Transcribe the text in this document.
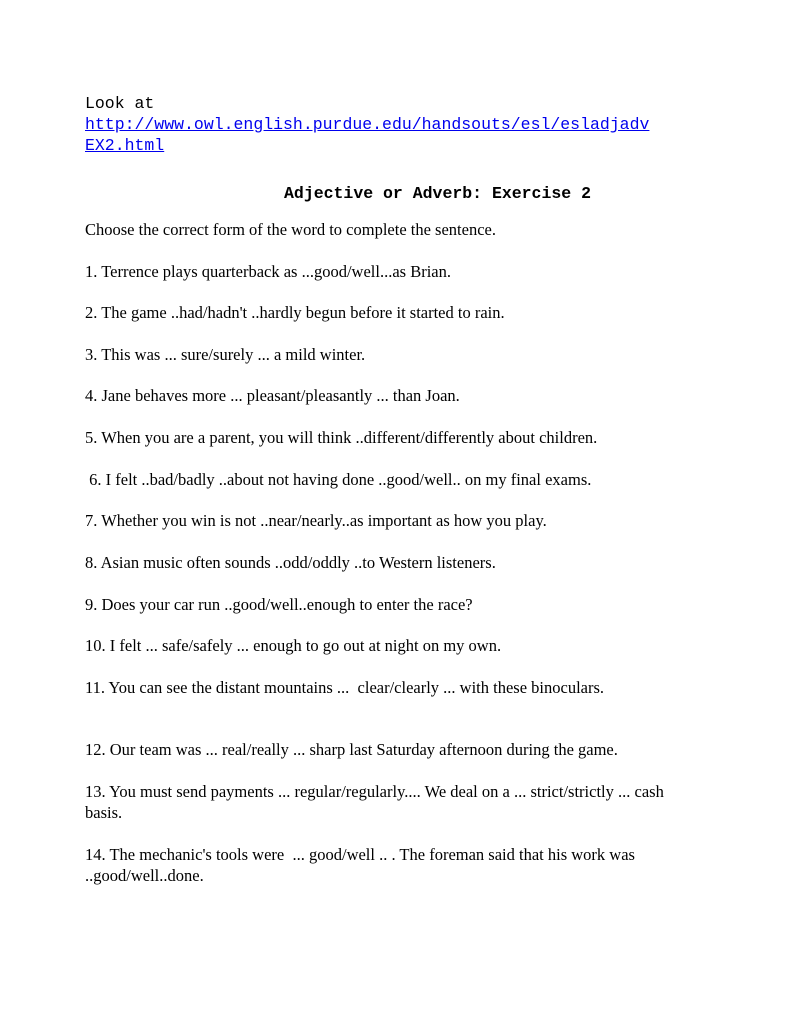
Look at
http://www.owl.english.purdue.edu/handsouts/esl/esladjadv
EX2.html
Adjective or Adverb: Exercise 2
Choose the correct form of the word to complete the sentence.
1. Terrence plays quarterback as ...good/well...as Brian.
2. The game ..had/hadn't ..hardly begun before it started to rain.
3. This was ... sure/surely ... a mild winter.
4. Jane behaves more ... pleasant/pleasantly ... than Joan.
5. When you are a parent, you will think ..different/differently about children.
6. I felt ..bad/badly ..about not having done ..good/well.. on my final exams.
7. Whether you win is not ..near/nearly..as important as how you play.
8. Asian music often sounds ..odd/oddly ..to Western listeners.
9. Does your car run ..good/well..enough to enter the race?
10. I felt ... safe/safely ... enough to go out at night on my own.
11. You can see the distant mountains ...  clear/clearly ... with these binoculars.
12. Our team was ... real/really ... sharp last Saturday afternoon during the game.
13. You must send payments ... regular/regularly.... We deal on a ... strict/strictly ... cash basis.
14. The mechanic's tools were  ... good/well .. . The foreman said that his work was ..good/well..done.
